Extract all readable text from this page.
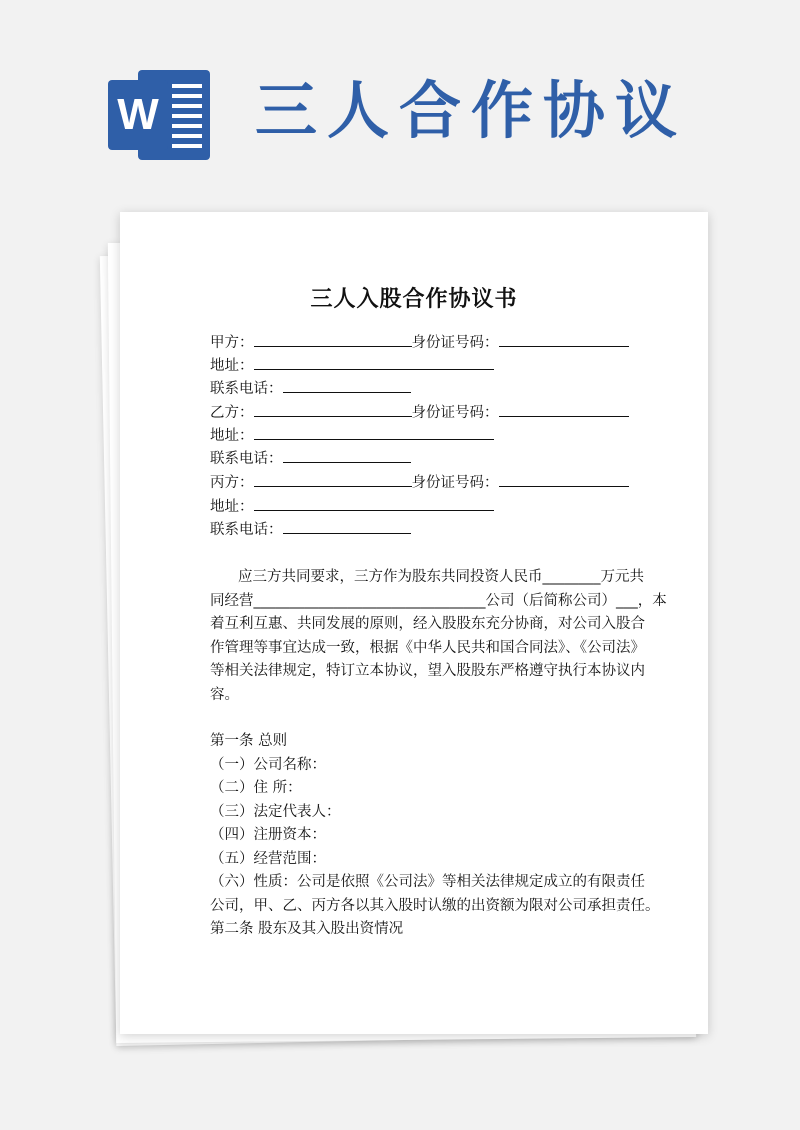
W 三人合作协议
三人入股合作协议书
甲方：	身份证号码：
地址：
联系电话：
乙方：	身份证号码：
地址：
联系电话：
丙方：	身份证号码：
地址：
联系电话：
应三方共同要求，三方作为股东共同投资人民币________万元共
同经营________________________________公司（后简称公司）___，本
着互利互惠、共同发展的原则，经入股股东充分协商，对公司入股合
作管理等事宜达成一致，根据《中华人民共和国合同法》、《公司法》
等相关法律规定，特订立本协议，望入股股东严格遵守执行本协议内
容。
第一条 总则
（一）公司名称：
（二）住 所：
（三）法定代表人：
（四）注册资本：
（五）经营范围：
（六）性质：公司是依照《公司法》等相关法律规定成立的有限责任
公司，甲、乙、丙方各以其入股时认缴的出资额为限对公司承担责任。
第二条 股东及其入股出资情况
